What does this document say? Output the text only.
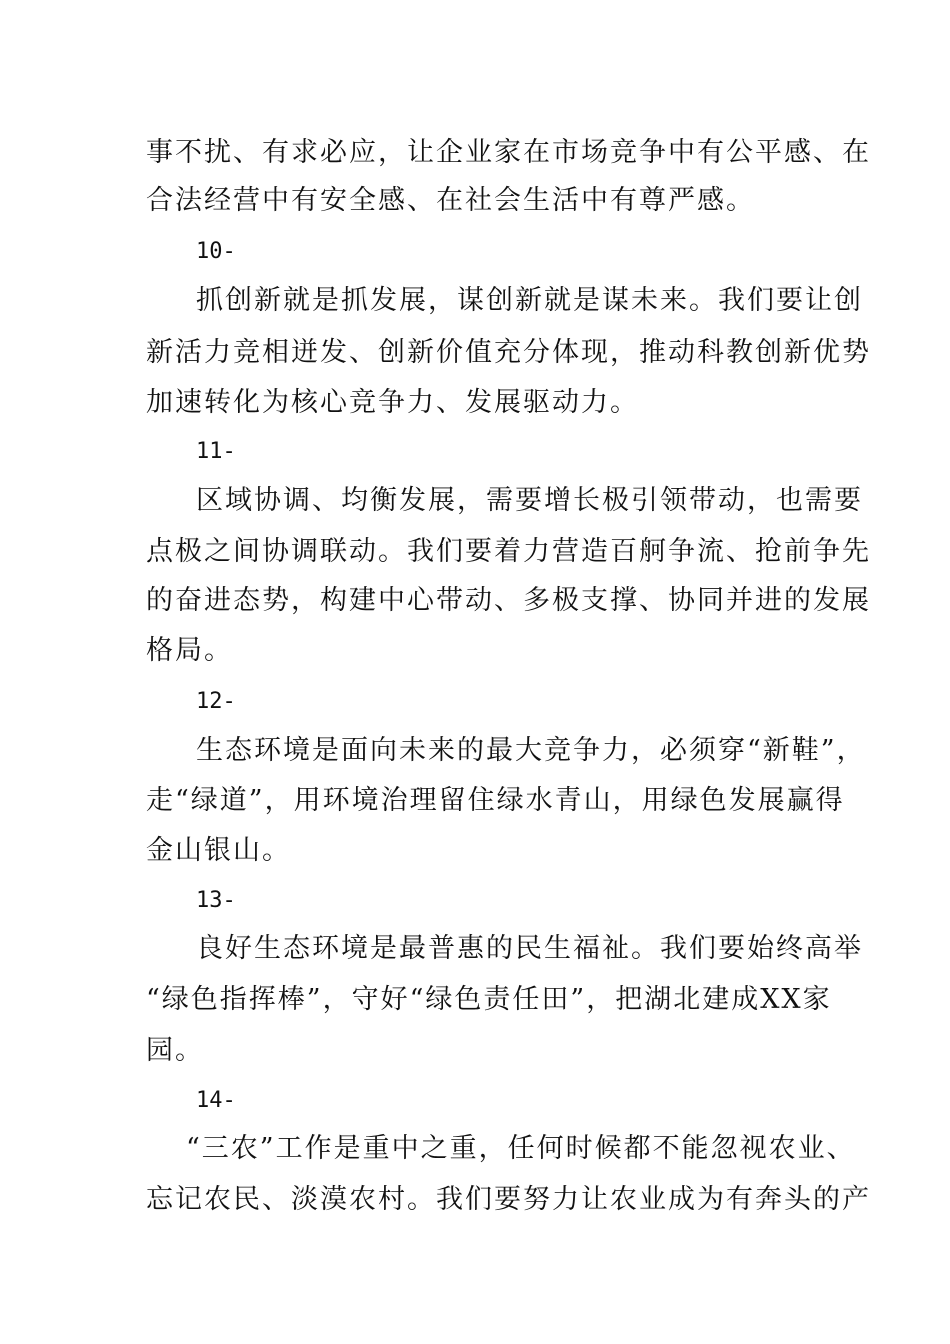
事不扰、有求必应，让企业家在市场竞争中有公平感、在
合法经营中有安全感、在社会生活中有尊严感。
10-
抓创新就是抓发展，谋创新就是谋未来。我们要让创
新活力竞相迸发、创新价值充分体现，推动科教创新优势
加速转化为核心竞争力、发展驱动力。
11-
区域协调、均衡发展，需要增长极引领带动，也需要
点极之间协调联动。我们要着力营造百舸争流、抢前争先
的奋进态势，构建中心带动、多极支撑、协同并进的发展
格局。
12-
生态环境是面向未来的最大竞争力，必须穿“新鞋”，
走“绿道”，用环境治理留住绿水青山，用绿色发展赢得
金山银山。
13-
良好生态环境是最普惠的民生福祉。我们要始终高举
“绿色指挥棒”，守好“绿色责任田”，把湖北建成XX家
园。
14-
“三农”工作是重中之重，任何时候都不能忽视农业、
忘记农民、淡漠农村。我们要努力让农业成为有奔头的产
